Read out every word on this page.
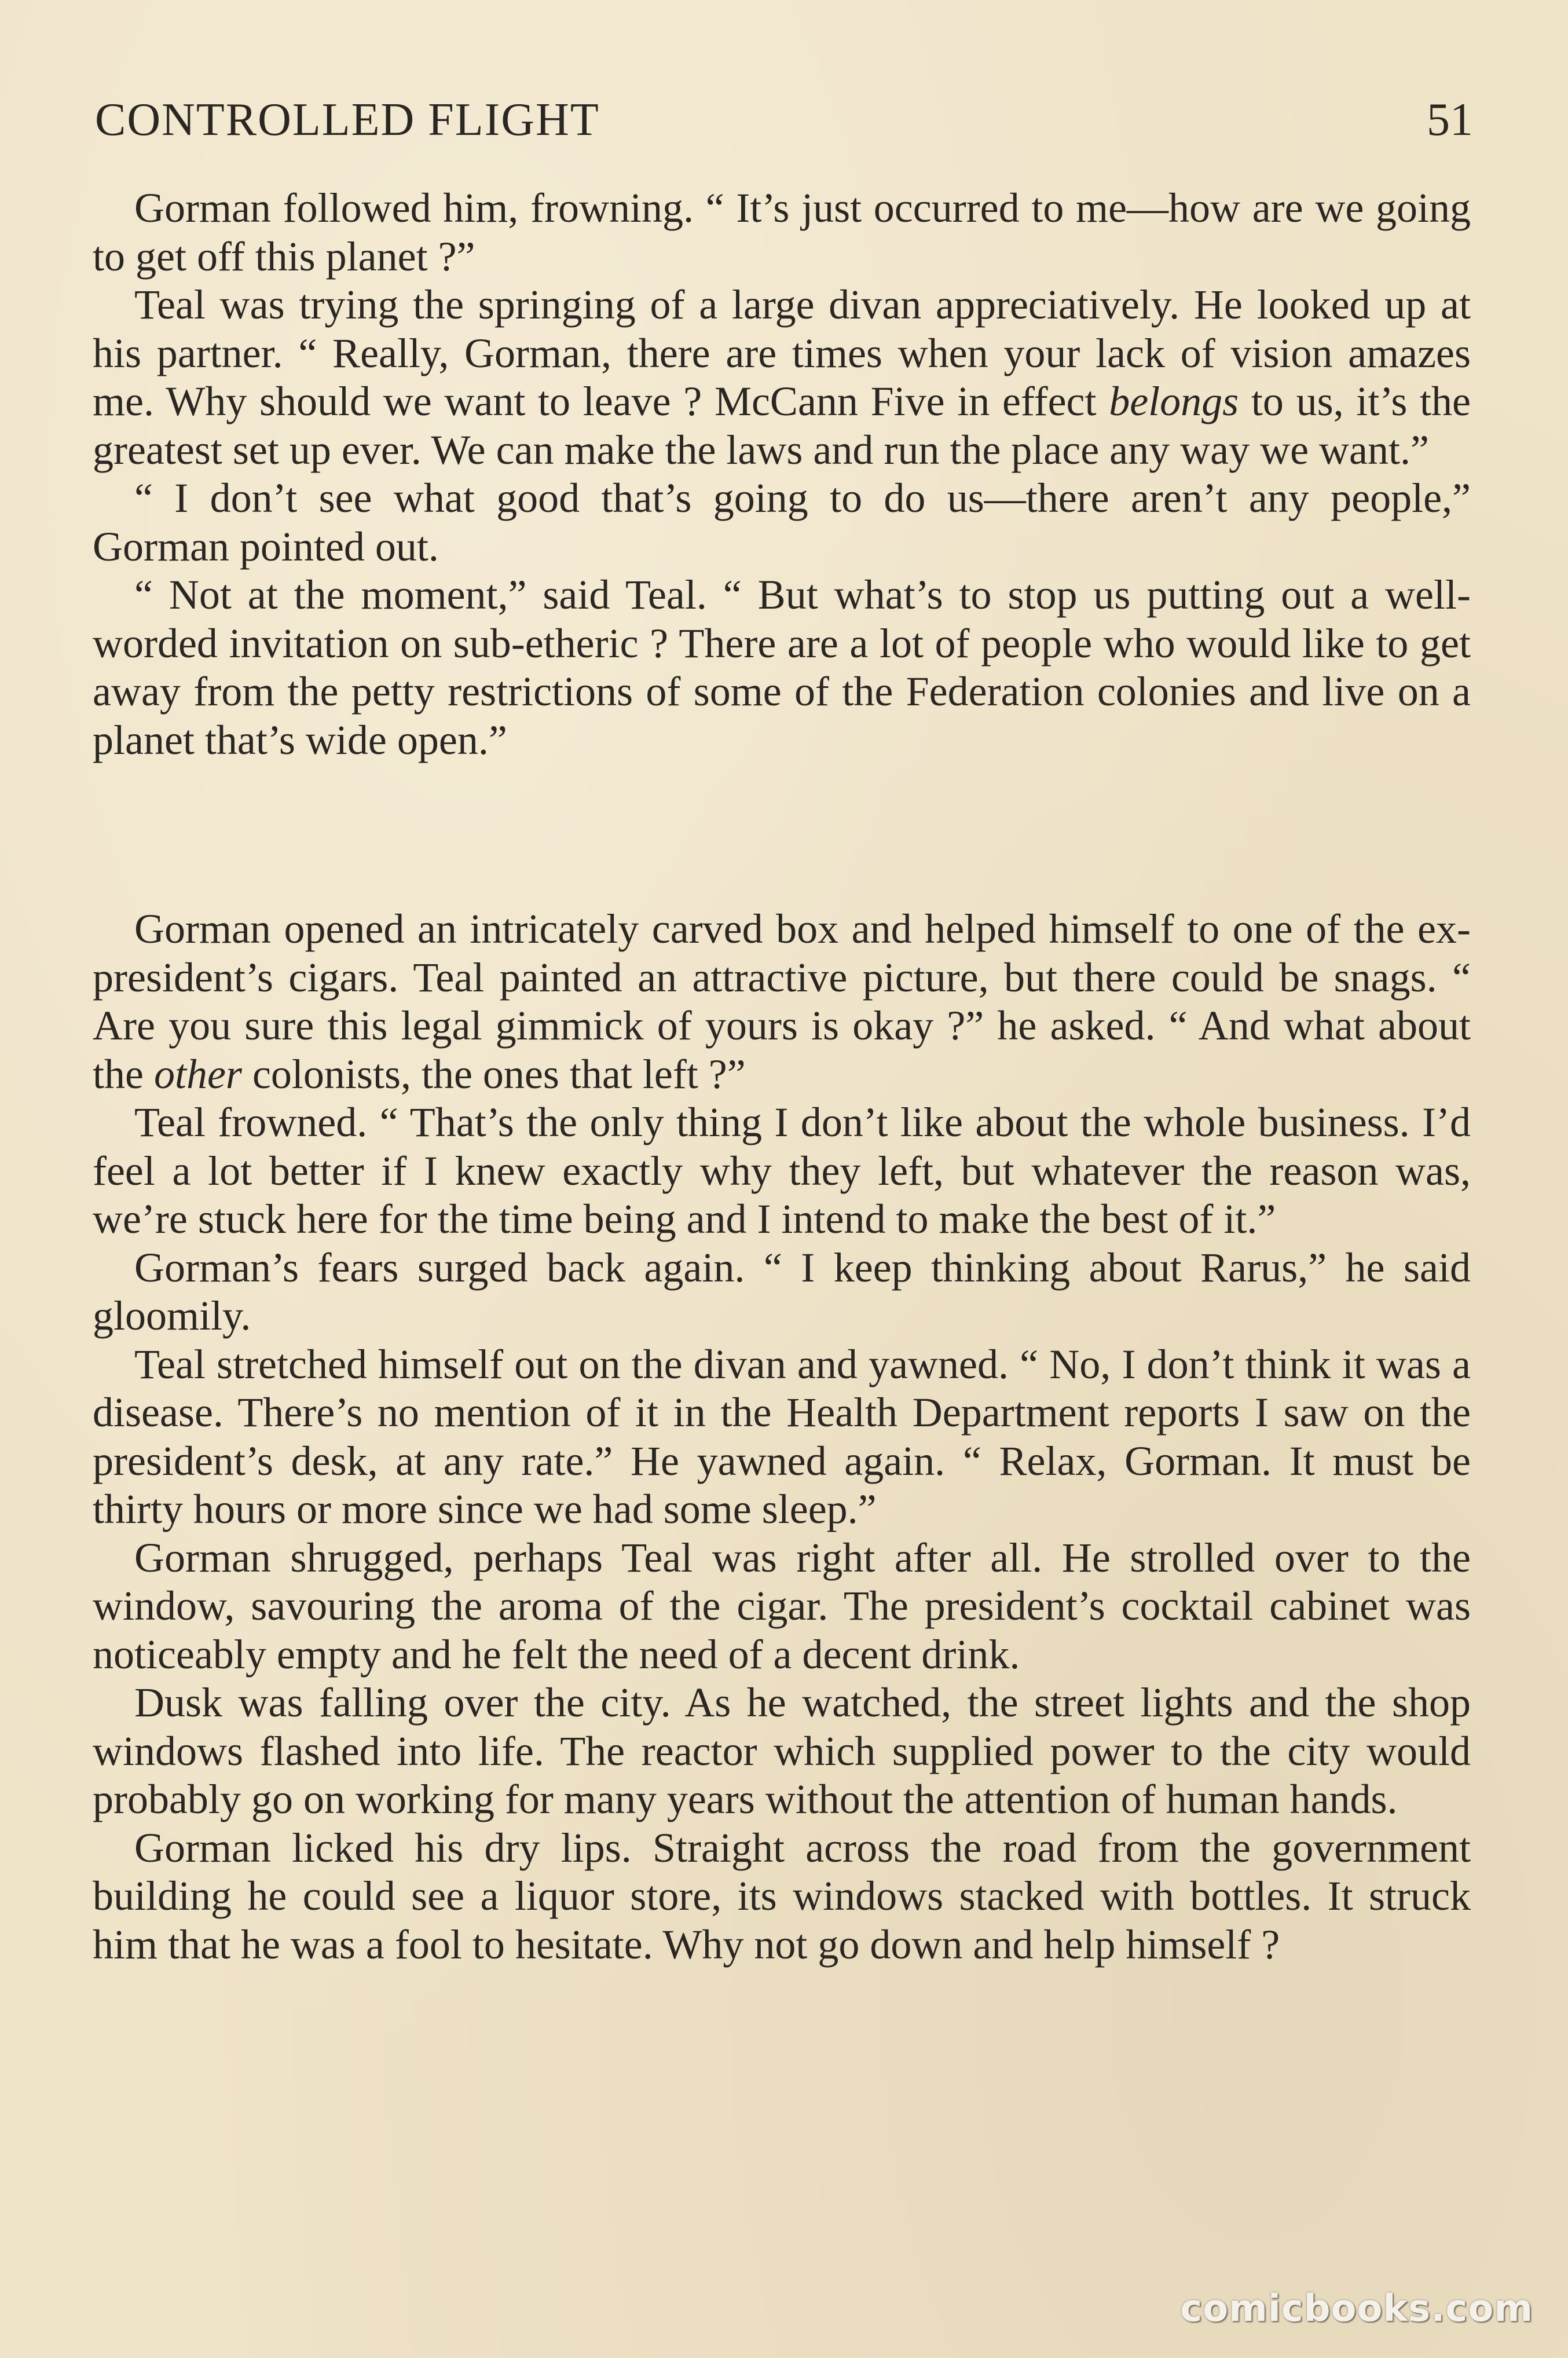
CONTROLLED FLIGHT	51

Gorman followed him, frowning. “ It’s just occurred to me—how are we going to get off this planet ?”

Teal was trying the springing of a large divan appreciatively. He looked up at his partner. “ Really, Gorman, there are times when your lack of vision amazes me. Why should we want to leave ? McCann Five in effect belongs to us, it’s the greatest set up ever. We can make the laws and run the place any way we want.”

“ I don’t see what good that’s going to do us—there aren’t any people,” Gorman pointed out.

“ Not at the moment,” said Teal. “ But what’s to stop us putting out a well-worded invitation on sub-etheric ? There are a lot of people who would like to get away from the petty restrictions of some of the Federation colonies and live on a planet that’s wide open.”

Gorman opened an intricately carved box and helped himself to one of the ex-president’s cigars. Teal painted an attractive picture, but there could be snags. “ Are you sure this legal gimmick of yours is okay ?” he asked. “ And what about the other colonists, the ones that left ?”

Teal frowned. “ That’s the only thing I don’t like about the whole business. I’d feel a lot better if I knew exactly why they left, but whatever the reason was, we’re stuck here for the time being and I intend to make the best of it.”

Gorman’s fears surged back again. “ I keep thinking about Rarus,” he said gloomily.

Teal stretched himself out on the divan and yawned. “ No, I don’t think it was a disease. There’s no mention of it in the Health Department reports I saw on the president’s desk, at any rate.” He yawned again. “ Relax, Gorman. It must be thirty hours or more since we had some sleep.”

Gorman shrugged, perhaps Teal was right after all. He strolled over to the window, savouring the aroma of the cigar. The president’s cocktail cabinet was noticeably empty and he felt the need of a decent drink.

Dusk was falling over the city. As he watched, the street lights and the shop windows flashed into life. The reactor which supplied power to the city would probably go on working for many years without the attention of human hands.

Gorman licked his dry lips. Straight across the road from the government building he could see a liquor store, its windows stacked with bottles. It struck him that he was a fool to hesitate. Why not go down and help himself ?

comicbooks.com
